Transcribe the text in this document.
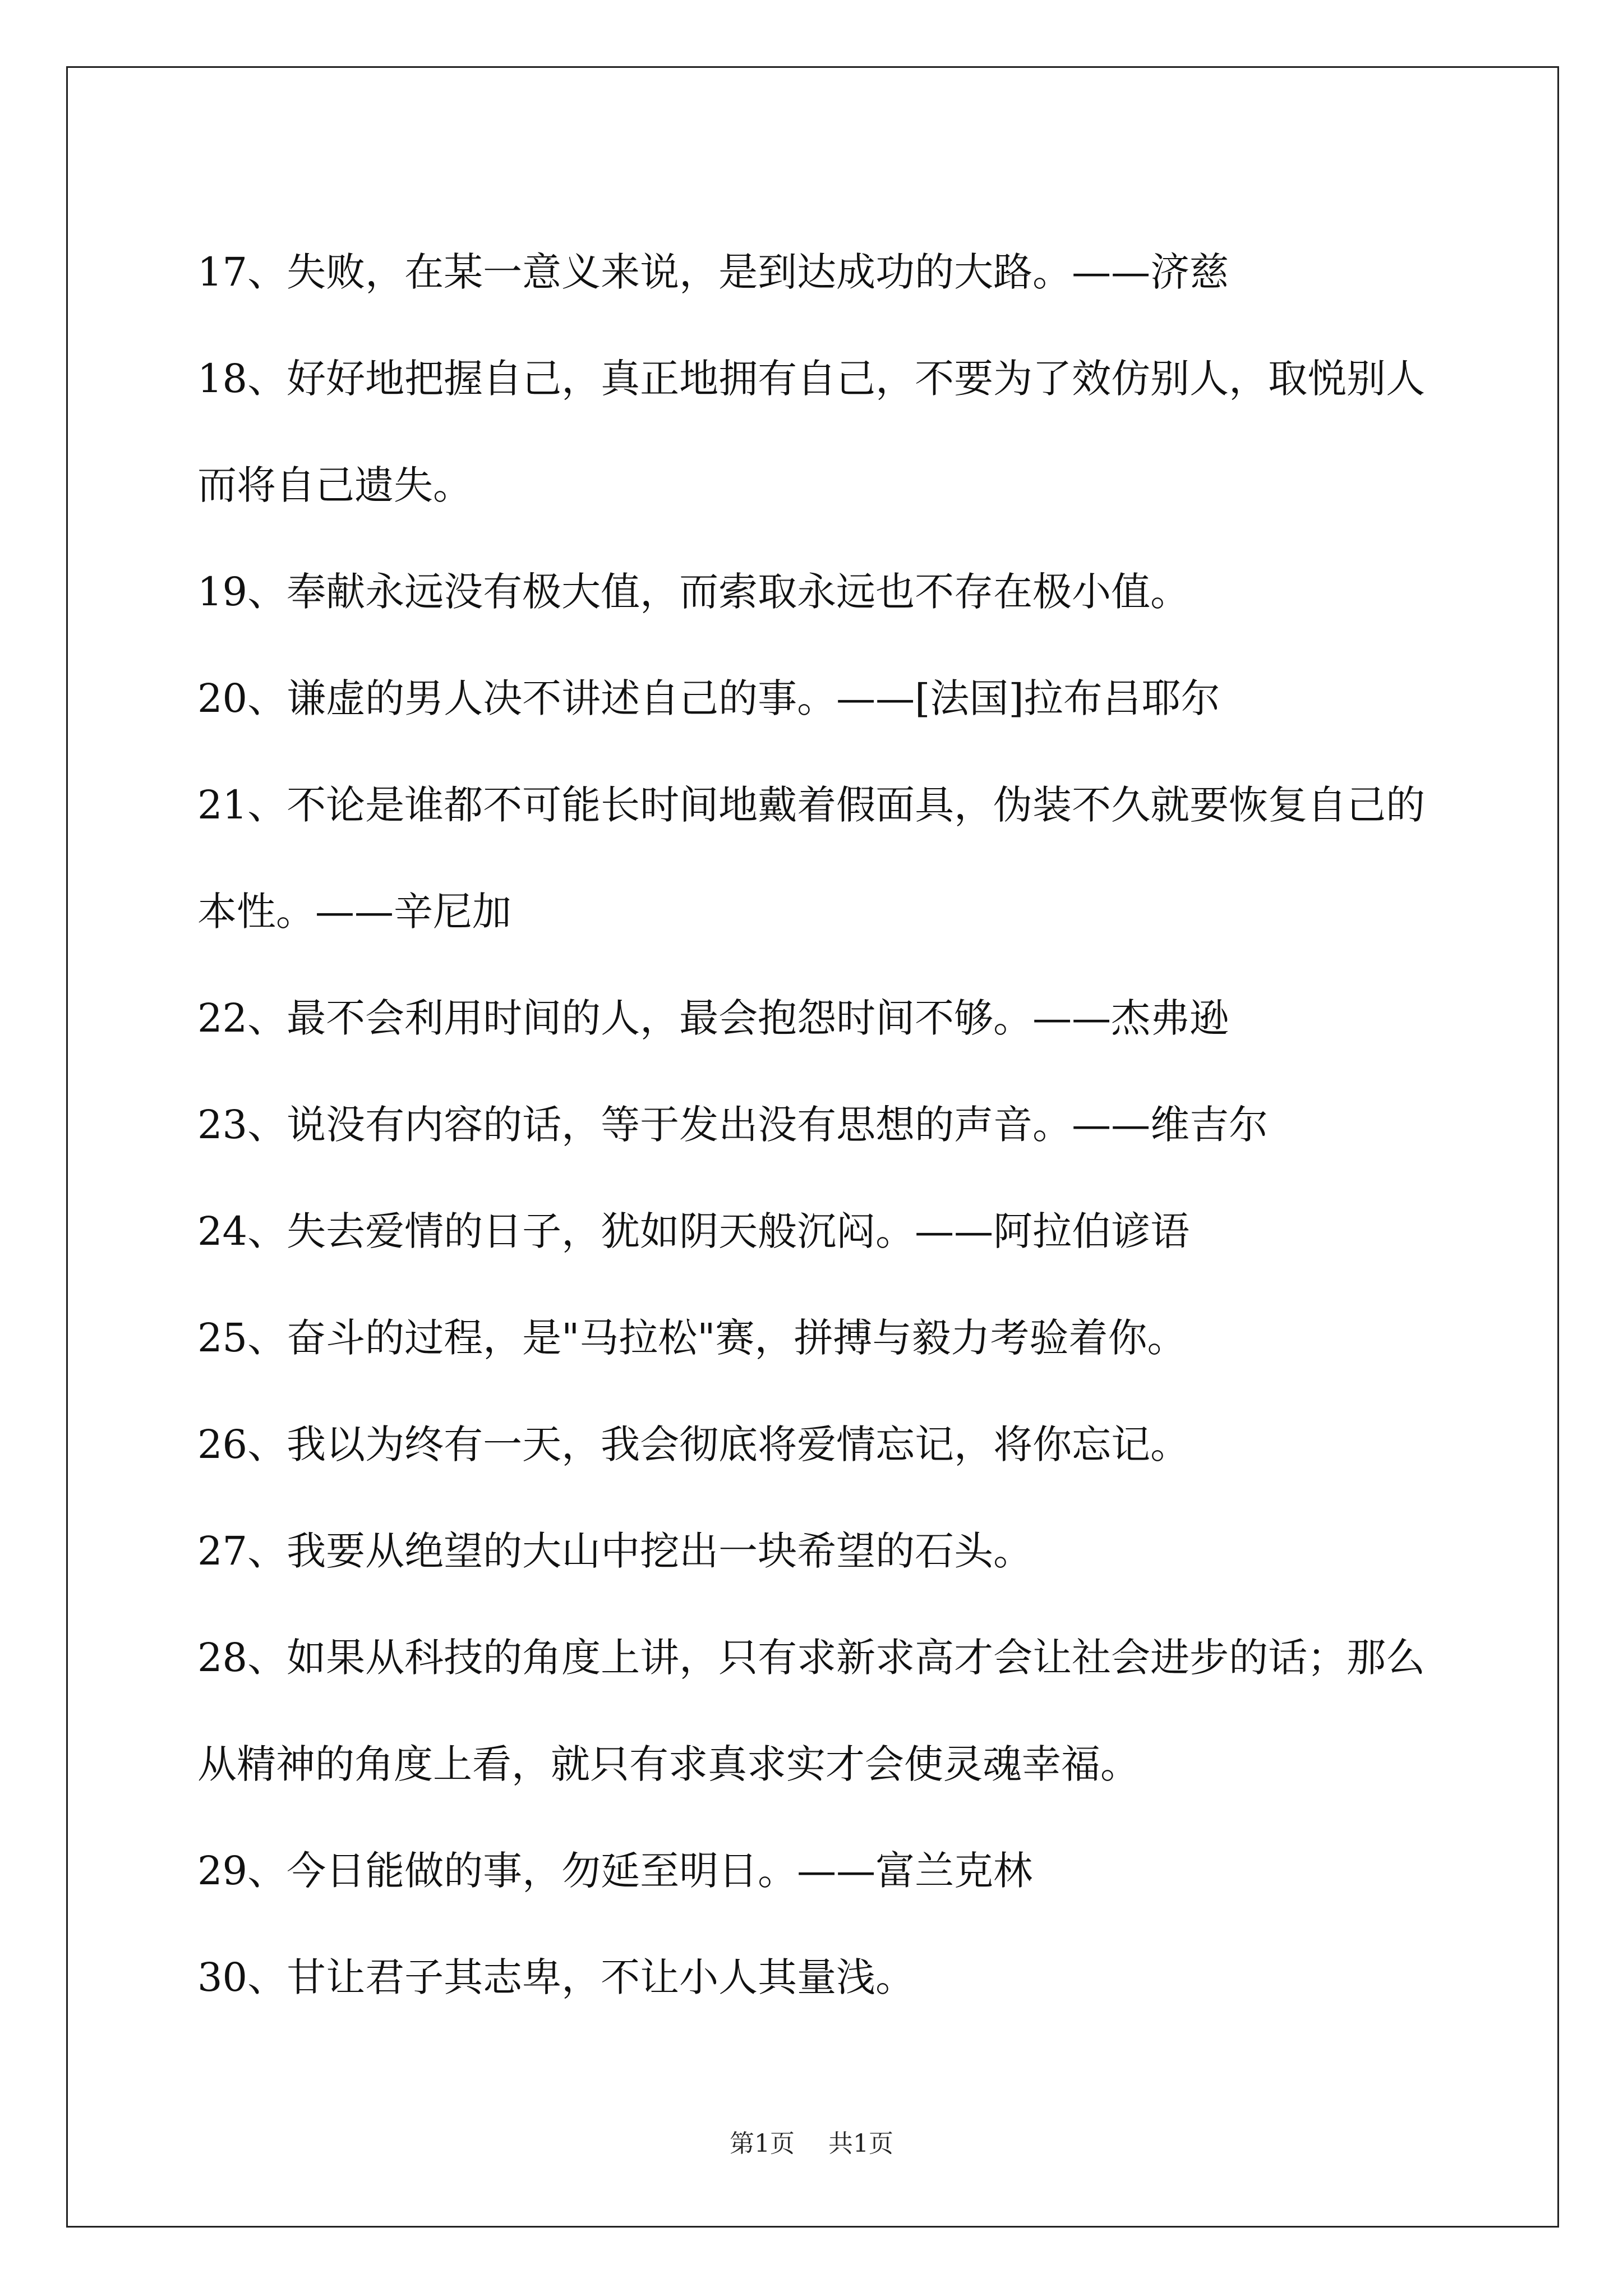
17、失败，在某一意义来说，是到达成功的大路。——济慈

18、好好地把握自己，真正地拥有自己，不要为了效仿别人，取悦别人而将自己遗失。

19、奉献永远没有极大值，而索取永远也不存在极小值。

20、谦虚的男人决不讲述自己的事。——[法国]拉布吕耶尔

21、不论是谁都不可能长时间地戴着假面具，伪装不久就要恢复自己的本性。——辛尼加

22、最不会利用时间的人，最会抱怨时间不够。——杰弗逊

23、说没有内容的话，等于发出没有思想的声音。——维吉尔

24、失去爱情的日子，犹如阴天般沉闷。——阿拉伯谚语

25、奋斗的过程，是"马拉松"赛，拼搏与毅力考验着你。

26、我以为终有一天，我会彻底将爱情忘记，将你忘记。

27、我要从绝望的大山中挖出一块希望的石头。

28、如果从科技的角度上讲，只有求新求高才会让社会进步的话；那么从精神的角度上看，就只有求真求实才会使灵魂幸福。

29、今日能做的事，勿延至明日。——富兰克林

30、甘让君子其志卑，不让小人其量浅。

第1页 共1页
